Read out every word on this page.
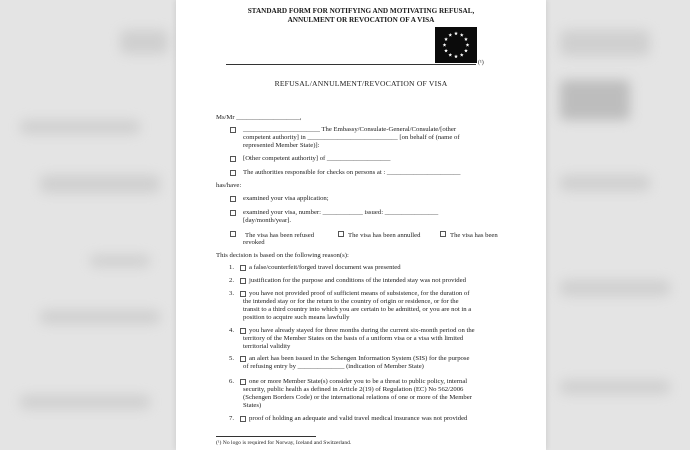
STANDARD FORM FOR NOTIFYING AND MOTIVATING REFUSAL,
ANNULMENT OR REVOCATION OF A VISA
(¹)
REFUSAL/ANNULMENT/REVOCATION OF VISA
Ms/Mr ___________________,
_______________________ The Embassy/Consulate-General/Consulate/[other
competent authority] in ___________________________ [on behalf of (name of
represented Member State)]:
[Other competent authority] of ___________________
The authorities responsible for checks on persons at : ______________________
has/have:
examined your visa application;
examined your visa, number: ____________ issued: ________________
[day/month/year].
The visa has been refused	The visa has been annulled	The visa has been
revoked
This decision is based on the following reason(s):
1.	a false/counterfeit/forged travel document was presented
2.	justification for the purpose and conditions of the intended stay was not provided
3.	you have not provided proof of sufficient means of subsistence, for the duration of
the intended stay or for the return to the country of origin or residence, or for the
transit to a third country into which you are certain to be admitted, or you are not in a
position to acquire such means lawfully
4.	you have already stayed for three months during the current six-month period on the
territory of the Member States on the basis of a uniform visa or a visa with limited
territorial validity
5.	an alert has been issued in the Schengen Information System (SIS) for the purpose
of refusing entry by ______________ (indication of Member State)
6.	one or more Member State(s) consider you to be a threat to public policy, internal
security, public health as defined in Article 2(19) of Regulation (EC) No 562/2006
(Schengen Borders Code) or the international relations of one or more of the Member
States)
7.	proof of holding an adequate and valid travel medical insurance was not provided
(¹) No logo is required for Norway, Iceland and Switzerland.
